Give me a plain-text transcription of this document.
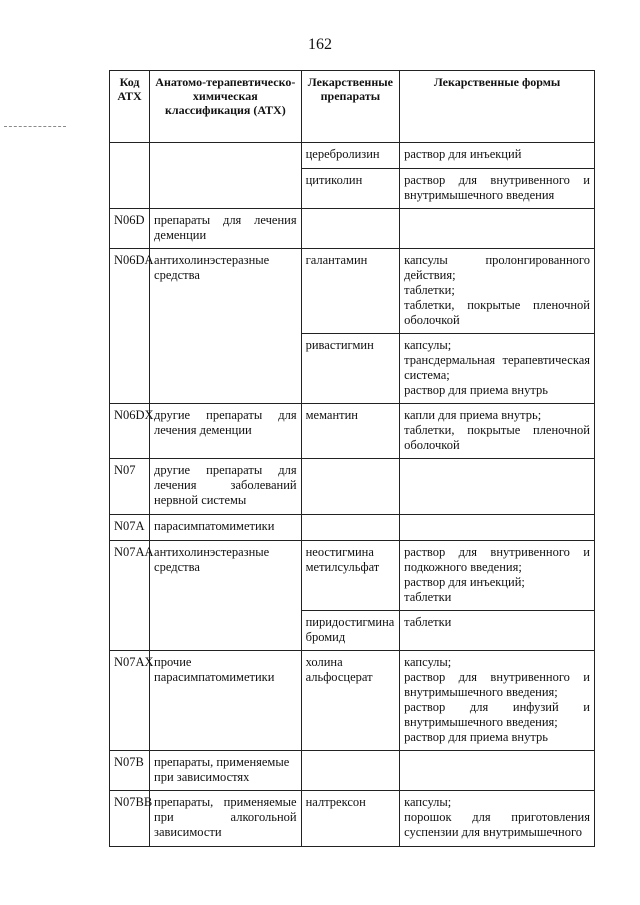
162
Код АТХ	Анатомо-терапевтическо-химическая классификация (АТХ)	Лекарственные препараты	Лекарственные формы
		церебролизин	раствор для инъекций

		цитиколин	раствор для внутривенного и внутримышечного введения

N06D	препараты для лечения деменции		
N06DA	антихолинэстеразные средства	галантамин	капсулы пролонгированного действия;
таблетки;
таблетки, покрытые пленочной оболочкой

		ривастигмин	капсулы;
трансдермальная терапевтическая система;
раствор для приема внутрь

N06DX	другие препараты для лечения деменции	мемантин	капли для приема внутрь;
таблетки, покрытые пленочной оболочкой

N07	другие препараты для лечения заболеваний нервной системы		
N07A	парасимпатомиметики		
N07AA	антихолинэстеразные средства	неостигмина метилсульфат	раствор для внутривенного и подкожного введения;
раствор для инъекций;
таблетки

		пиридостигмина бромид	таблетки

N07AX	прочие парасимпатомиметики	холина альфосцерат	капсулы;
раствор для внутривенного и внутримышечного введения;
раствор для инфузий и внутримышечного введения;
раствор для приема внутрь

N07B	препараты, применяемые при зависимостях		
N07BB	препараты, применяемые при алкогольной зависимости	налтрексон	капсулы;
порошок для приготовления суспензии для внутримышечного
